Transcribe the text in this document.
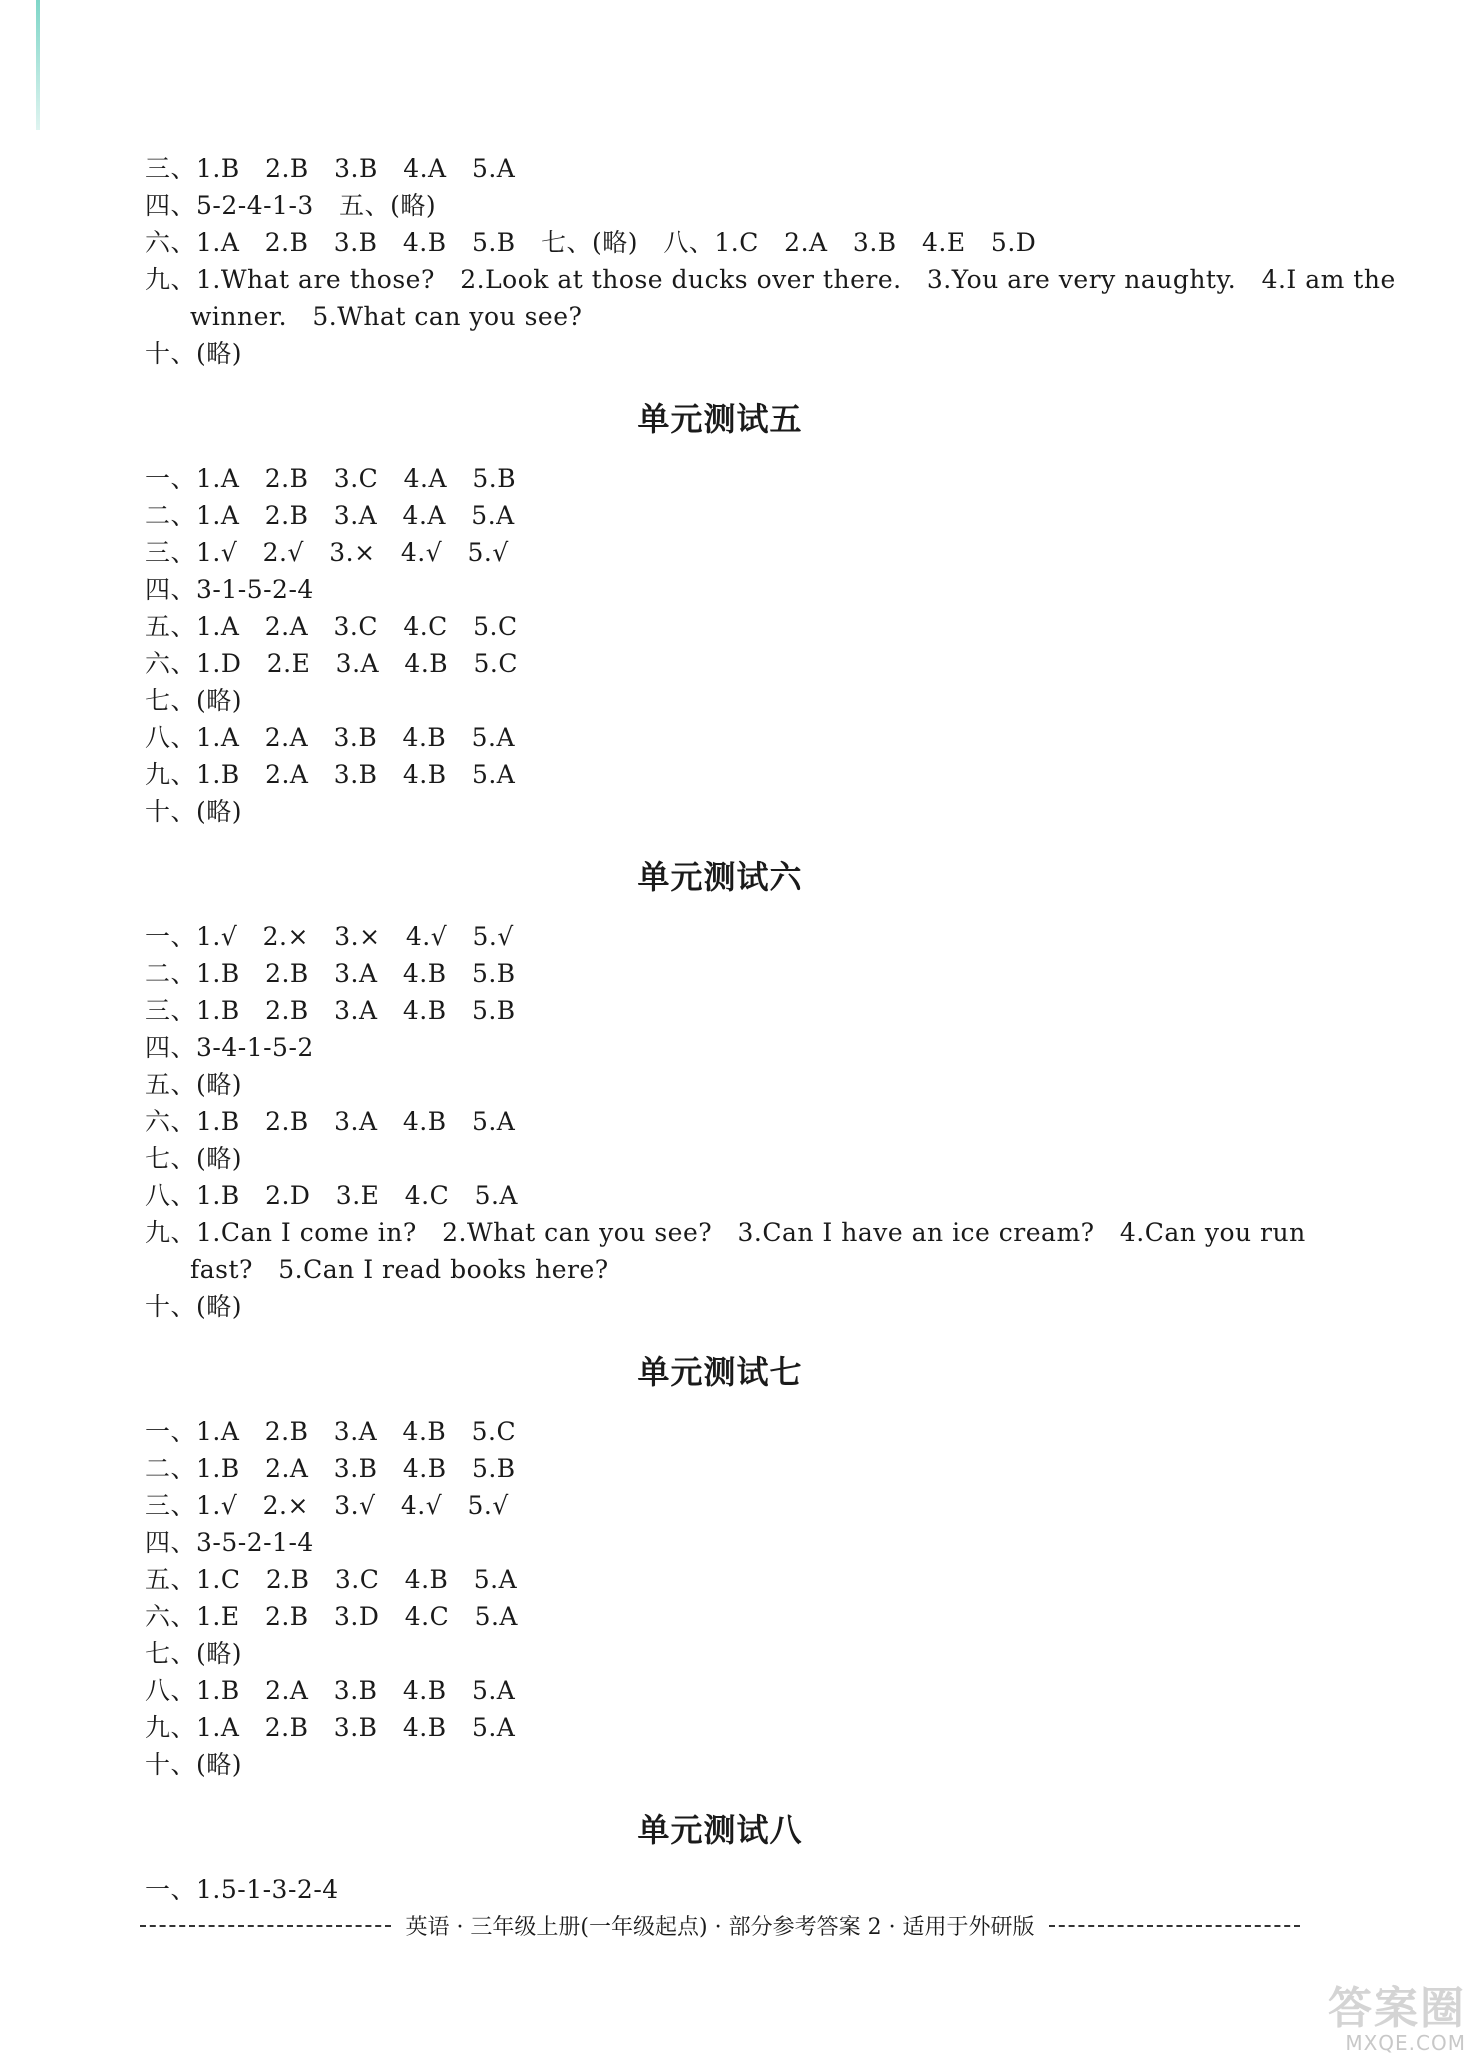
三、1.B   2.B   3.B   4.A   5.A
四、5-2-4-1-3   五、(略)
六、1.A   2.B   3.B   4.B   5.B   七、(略)   八、1.C   2.A   3.B   4.E   5.D
九、1.What are those?   2.Look at those ducks over there.   3.You are very naughty.   4.I am the
winner.   5.What can you see?
十、(略)
单元测试五
一、1.A   2.B   3.C   4.A   5.B
二、1.A   2.B   3.A   4.A   5.A
三、1.√   2.√   3.×   4.√   5.√
四、3-1-5-2-4
五、1.A   2.A   3.C   4.C   5.C
六、1.D   2.E   3.A   4.B   5.C
七、(略)
八、1.A   2.A   3.B   4.B   5.A
九、1.B   2.A   3.B   4.B   5.A
十、(略)
单元测试六
一、1.√   2.×   3.×   4.√   5.√
二、1.B   2.B   3.A   4.B   5.B
三、1.B   2.B   3.A   4.B   5.B
四、3-4-1-5-2
五、(略)
六、1.B   2.B   3.A   4.B   5.A
七、(略)
八、1.B   2.D   3.E   4.C   5.A
九、1.Can I come in?   2.What can you see?   3.Can I have an ice cream?   4.Can you run
fast?   5.Can I read books here?
十、(略)
单元测试七
一、1.A   2.B   3.A   4.B   5.C
二、1.B   2.A   3.B   4.B   5.B
三、1.√   2.×   3.√   4.√   5.√
四、3-5-2-1-4
五、1.C   2.B   3.C   4.B   5.A
六、1.E   2.B   3.D   4.C   5.A
七、(略)
八、1.B   2.A   3.B   4.B   5.A
九、1.A   2.B   3.B   4.B   5.A
十、(略)
单元测试八
一、1.5-1-3-2-4
英语 · 三年级上册(一年级起点) · 部分参考答案 2 · 适用于外研版
答案圈
MXQE.COM
